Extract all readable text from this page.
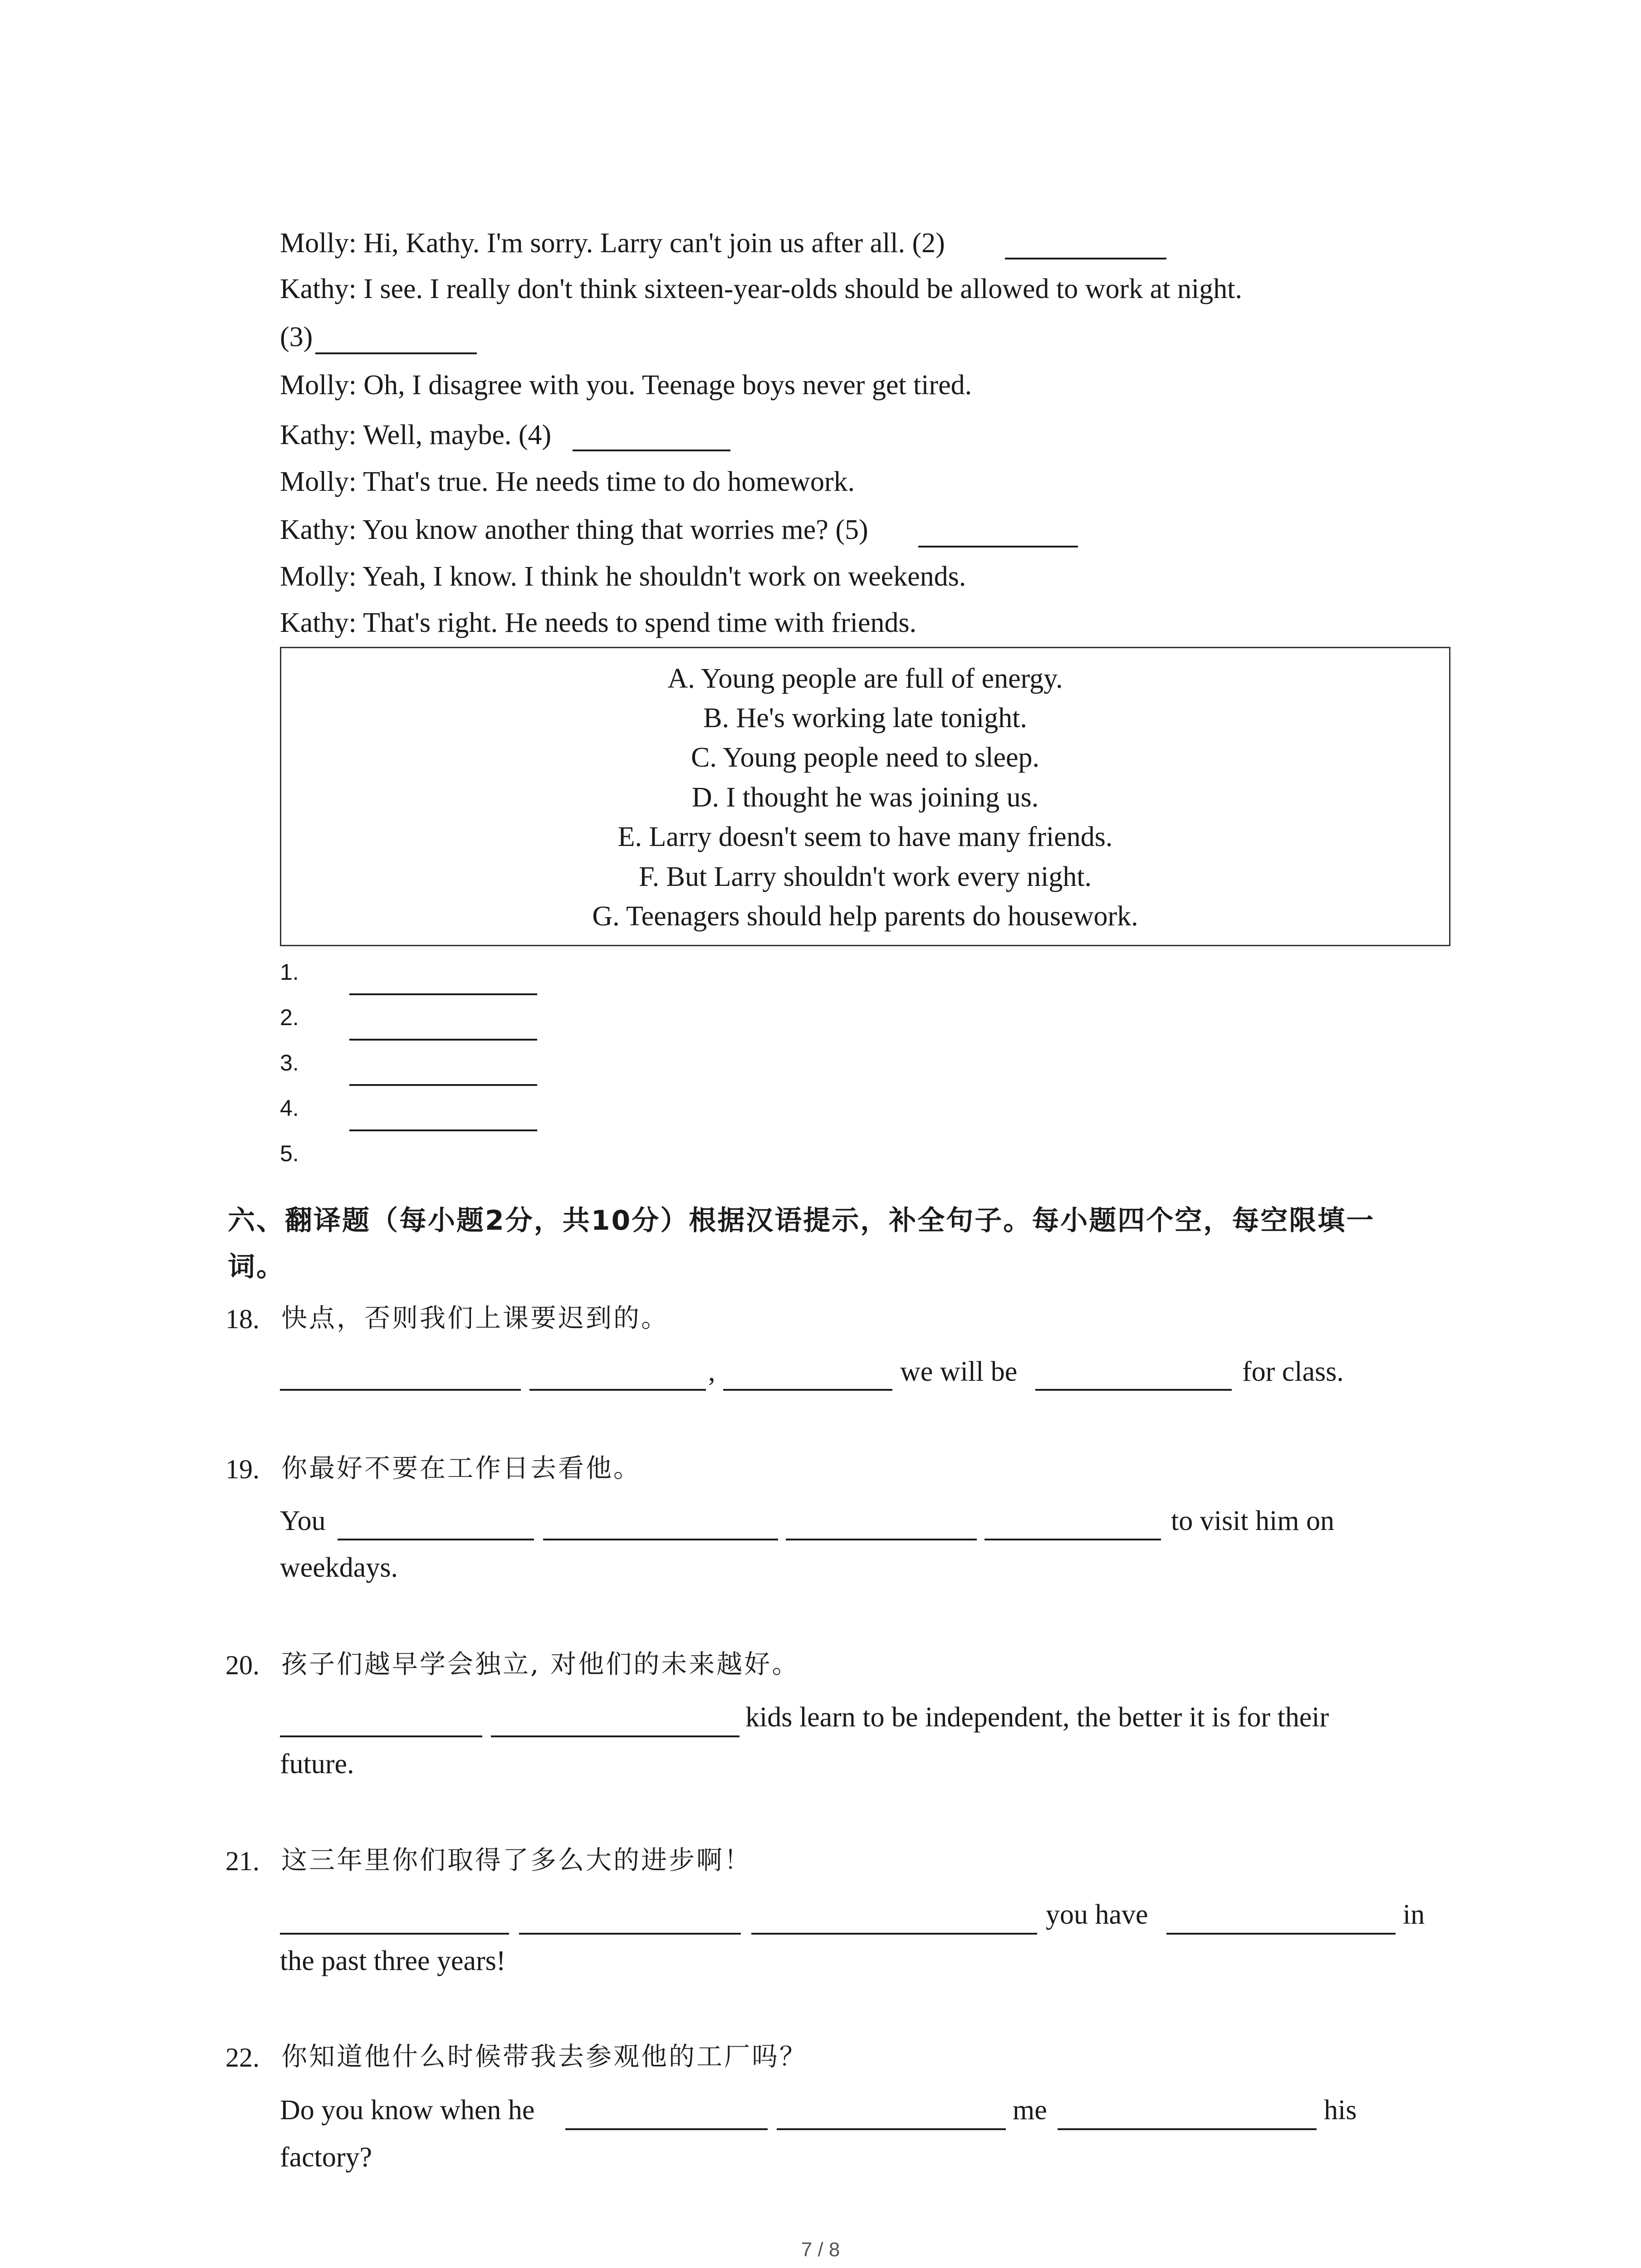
Molly: Hi, Kathy. I'm sorry. Larry can't join us after all. (2)
Kathy: I see. I really don't think sixteen-year-olds should be allowed to work at night.
(3)
Molly: Oh, I disagree with you. Teenage boys never get tired.
Kathy: Well, maybe. (4)
Molly: That's true. He needs time to do homework.
Kathy: You know another thing that worries me? (5)
Molly: Yeah, I know. I think he shouldn't work on weekends.
Kathy: That's right. He needs to spend time with friends.
A. Young people are full of energy.
B. He's working late tonight.
C. Young people need to sleep.
D. I thought he was joining us.
E. Larry doesn't seem to have many friends.
F. But Larry shouldn't work every night.
G. Teenagers should help parents do housework.
1.
2.
3.
4.
5.
六、翻译题（每小题2分，共10分）根据汉语提示，补全句子。每小题四个空，每空限填一
词。
18. 快点，否则我们上课要迟到的。
,	we will be	for class.
19. 你最好不要在工作日去看他。
You	to visit him on
weekdays.
20. 孩子们越早学会独立, 对他们的未来越好。
kids learn to be independent, the better it is for their
future.
21. 这三年里你们取得了多么大的进步啊！
you have	in
the past three years!
22. 你知道他什么时候带我去参观他的工厂吗？
Do you know when he	me	his
factory?
7 / 8
